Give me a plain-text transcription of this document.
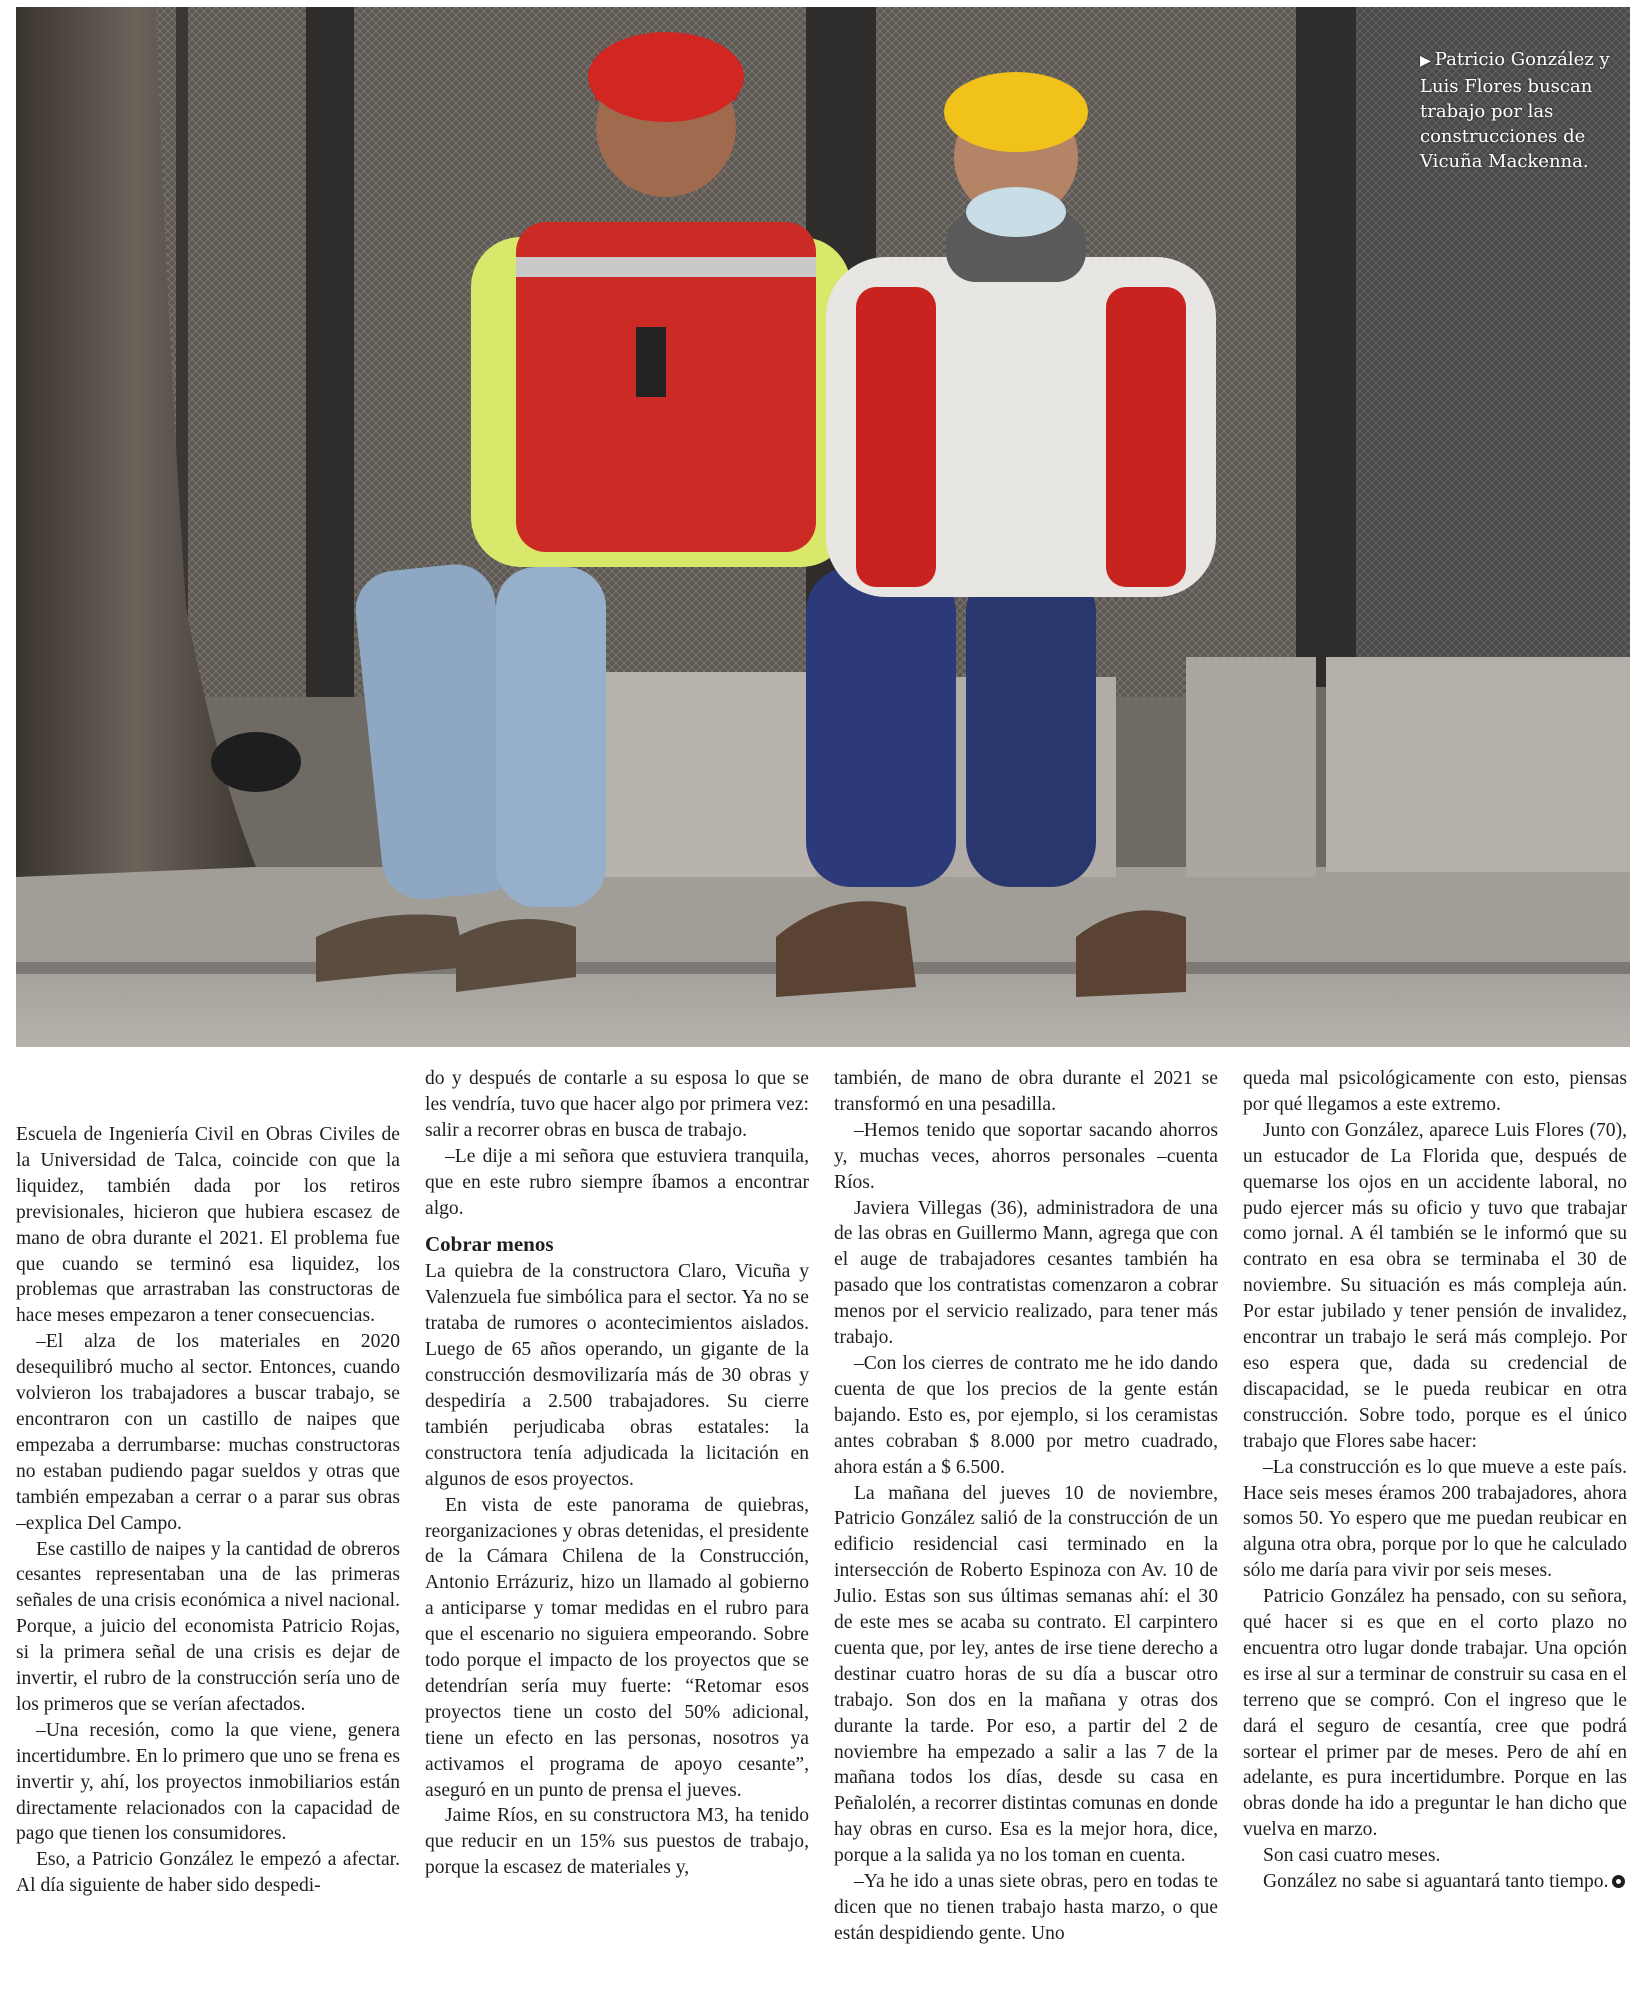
▶ Patricio González y Luis Flores buscan trabajo por las construcciones de Vicuña Mackenna.

Escuela de Ingeniería Civil en Obras Civiles de la Universidad de Talca, coincide con que la liquidez, también dada por los retiros previsionales, hicieron que hubiera escasez de mano de obra durante el 2021. El problema fue que cuando se terminó esa liquidez, los problemas que arrastraban las constructoras de hace meses empezaron a tener consecuencias.

–El alza de los materiales en 2020 desequilibró mucho al sector. Entonces, cuando volvieron los trabajadores a buscar trabajo, se encontraron con un castillo de naipes que empezaba a derrumbarse: muchas constructoras no estaban pudiendo pagar sueldos y otras que también empezaban a cerrar o a parar sus obras –explica Del Campo.

Ese castillo de naipes y la cantidad de obreros cesantes representaban una de las primeras señales de una crisis económica a nivel nacional. Porque, a juicio del economista Patricio Rojas, si la primera señal de una crisis es dejar de invertir, el rubro de la construcción sería uno de los primeros que se verían afectados.

–Una recesión, como la que viene, genera incertidumbre. En lo primero que uno se frena es invertir y, ahí, los proyectos inmobiliarios están directamente relacionados con la capacidad de pago que tienen los consumidores.

Eso, a Patricio González le empezó a afectar. Al día siguiente de haber sido despedi-

do y después de contarle a su esposa lo que se les vendría, tuvo que hacer algo por primera vez: salir a recorrer obras en busca de trabajo.

–Le dije a mi señora que estuviera tranquila, que en este rubro siempre íbamos a encontrar algo.

Cobrar menos

La quiebra de la constructora Claro, Vicuña y Valenzuela fue simbólica para el sector. Ya no se trataba de rumores o acontecimientos aislados. Luego de 65 años operando, un gigante de la construcción desmovilizaría más de 30 obras y despediría a 2.500 trabajadores. Su cierre también perjudicaba obras estatales: la constructora tenía adjudicada la licitación en algunos de esos proyectos.

En vista de este panorama de quiebras, reorganizaciones y obras detenidas, el presidente de la Cámara Chilena de la Construcción, Antonio Errázuriz, hizo un llamado al gobierno a anticiparse y tomar medidas en el rubro para que el escenario no siguiera empeorando. Sobre todo porque el impacto de los proyectos que se detendrían sería muy fuerte: “Retomar esos proyectos tiene un costo del 50% adicional, tiene un efecto en las personas, nosotros ya activamos el programa de apoyo cesante”, aseguró en un punto de prensa el jueves.

Jaime Ríos, en su constructora M3, ha tenido que reducir en un 15% sus puestos de trabajo, porque la escasez de materiales y,

también, de mano de obra durante el 2021 se transformó en una pesadilla.

–Hemos tenido que soportar sacando ahorros y, muchas veces, ahorros personales –cuenta Ríos.

Javiera Villegas (36), administradora de una de las obras en Guillermo Mann, agrega que con el auge de trabajadores cesantes también ha pasado que los contratistas comenzaron a cobrar menos por el servicio realizado, para tener más trabajo.

–Con los cierres de contrato me he ido dando cuenta de que los precios de la gente están bajando. Esto es, por ejemplo, si los ceramistas antes cobraban $ 8.000 por metro cuadrado, ahora están a $ 6.500.

La mañana del jueves 10 de noviembre, Patricio González salió de la construcción de un edificio residencial casi terminado en la intersección de Roberto Espinoza con Av. 10 de Julio. Estas son sus últimas semanas ahí: el 30 de este mes se acaba su contrato. El carpintero cuenta que, por ley, antes de irse tiene derecho a destinar cuatro horas de su día a buscar otro trabajo. Son dos en la mañana y otras dos durante la tarde. Por eso, a partir del 2 de noviembre ha empezado a salir a las 7 de la mañana todos los días, desde su casa en Peñalolén, a recorrer distintas comunas en donde hay obras en curso. Esa es la mejor hora, dice, porque a la salida ya no los toman en cuenta.

–Ya he ido a unas siete obras, pero en todas te dicen que no tienen trabajo hasta marzo, o que están despidiendo gente. Uno

queda mal psicológicamente con esto, piensas por qué llegamos a este extremo.

Junto con González, aparece Luis Flores (70), un estucador de La Florida que, después de quemarse los ojos en un accidente laboral, no pudo ejercer más su oficio y tuvo que trabajar como jornal. A él también se le informó que su contrato en esa obra se terminaba el 30 de noviembre. Su situación es más compleja aún. Por estar jubilado y tener pensión de invalidez, encontrar un trabajo le será más complejo. Por eso espera que, dada su credencial de discapacidad, se le pueda reubicar en otra construcción. Sobre todo, porque es el único trabajo que Flores sabe hacer:

–La construcción es lo que mueve a este país. Hace seis meses éramos 200 trabajadores, ahora somos 50. Yo espero que me puedan reubicar en alguna otra obra, porque por lo que he calculado sólo me daría para vivir por seis meses.

Patricio González ha pensado, con su señora, qué hacer si es que en el corto plazo no encuentra otro lugar donde trabajar. Una opción es irse al sur a terminar de construir su casa en el terreno que se compró. Con el ingreso que le dará el seguro de cesantía, cree que podrá sortear el primer par de meses. Pero de ahí en adelante, es pura incertidumbre. Porque en las obras donde ha ido a preguntar le han dicho que vuelva en marzo.

Son casi cuatro meses.

González no sabe si aguantará tanto tiempo.
